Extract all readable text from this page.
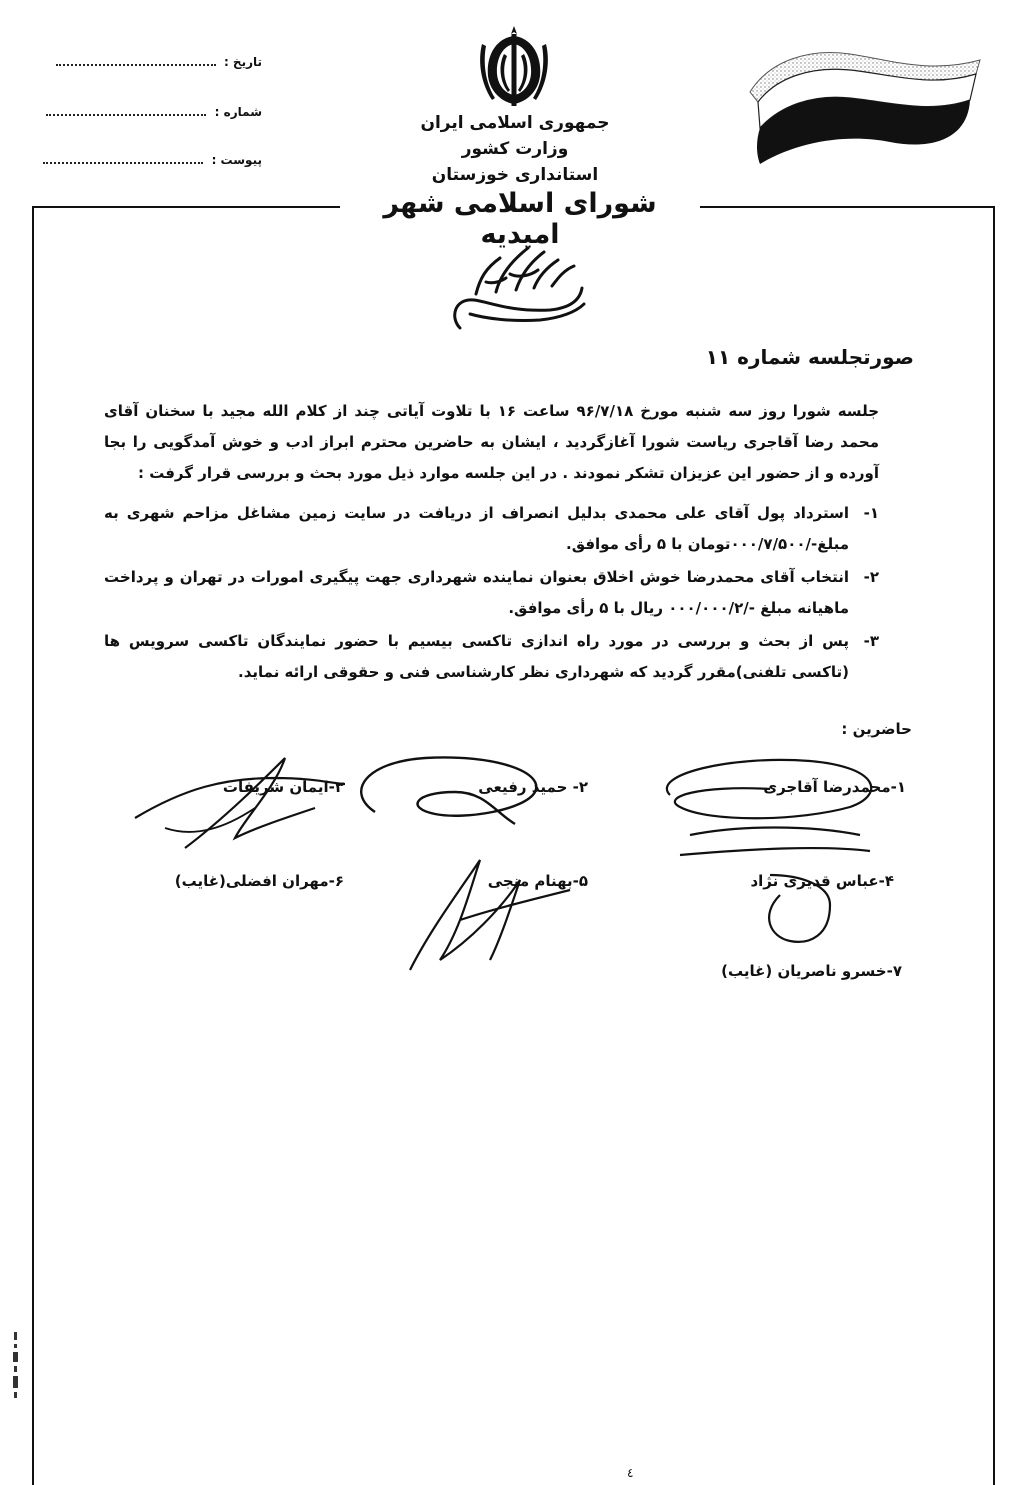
تاریخ :
شماره :
پیوست :
جمهوری اسلامی ایران
وزارت کشور
استانداری خوزستان
شورای اسلامی شهر امیدیه
صورتجلسه شماره ۱۱

جلسه شورا روز سه شنبه مورخ ۹۶/۷/۱۸ ساعت ۱۶ با تلاوت آیاتی چند از کلام الله مجید با سخنان آقای محمد رضا آقاجری ریاست شورا آغازگردید ، ایشان به حاضرین محترم ابراز ادب و خوش آمدگویی را بجا آورده و از حضور این عزیزان تشکر نمودند . در این جلسه موارد ذیل مورد بحث و بررسی قرار گرفت :

۱-
استرداد پول آقای علی محمدی بدلیل انصراف از دریافت در سایت زمین مشاغل مزاحم شهری به مبلغ-/۰۰۰/۷/۵۰۰تومان با ۵ رأی موافق.
۲-
انتخاب آقای محمدرضا خوش اخلاق بعنوان نماینده شهرداری جهت پیگیری امورات در تهران و پرداخت ماهیانه مبلغ -/۰۰۰/۰۰۰/۲ ریال با ۵ رأی موافق.
۳-
پس از بحث و بررسی در مورد راه اندازی تاکسی بیسیم با حضور نمایندگان تاکسی سرویس ها (تاکسی تلفنی)مقرر گردید که شهرداری نظر کارشناسی فنی و حقوقی ارائه نماید.
حاضرین :
۱-محمدرضا آقاجری
۲- حمید رفیعی
۳-ایمان شریفات
۴-عباس قدیری نژاد
۵-بهنام منجی
۶-مهران افضلی(غایب)
۷-خسرو ناصریان (غایب)
٤
